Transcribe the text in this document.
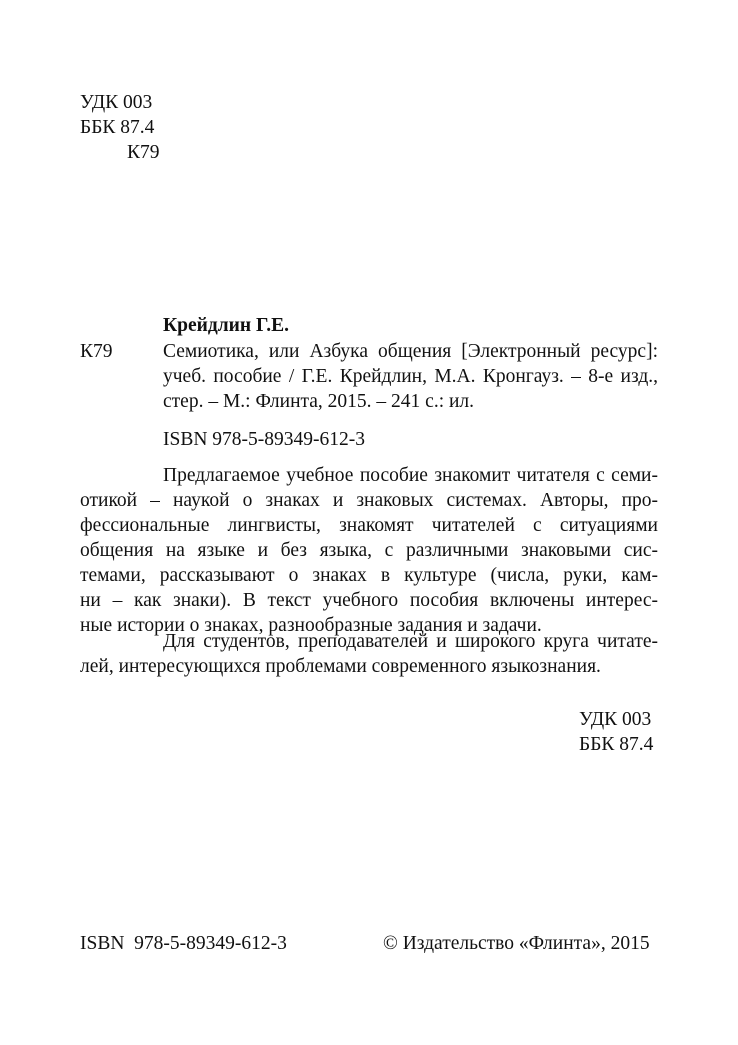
УДК 003
ББК 87.4
К79
Крейдлин Г.Е.
К79	Семиотика, или Азбука общения [Электронный ресурс]:
учеб. пособие / Г.Е. Крейдлин, М.А. Кронгауз. – 8-е изд.,
стер. – М.: Флинта, 2015. – 241 с.: ил.
ISBN 978-5-89349-612-3
Предлагаемое учебное пособие знакомит читателя с семи-
отикой – наукой о знаках и знаковых системах. Авторы, про-
фессиональные лингвисты, знакомят читателей с ситуациями
общения на языке и без языка, с различными знаковыми сис-
темами, рассказывают о знаках в культуре (числа, руки, кам-
ни – как знаки). В текст учебного пособия включены интерес-
ные истории о знаках, разнообразные задания и задачи.
Для студентов, преподавателей и широкого круга читате-
лей, интересующихся проблемами современного языкознания.
УДК 003
ББК 87.4
ISBN  978-5-89349-612-3	© Издательство «Флинта», 2015
